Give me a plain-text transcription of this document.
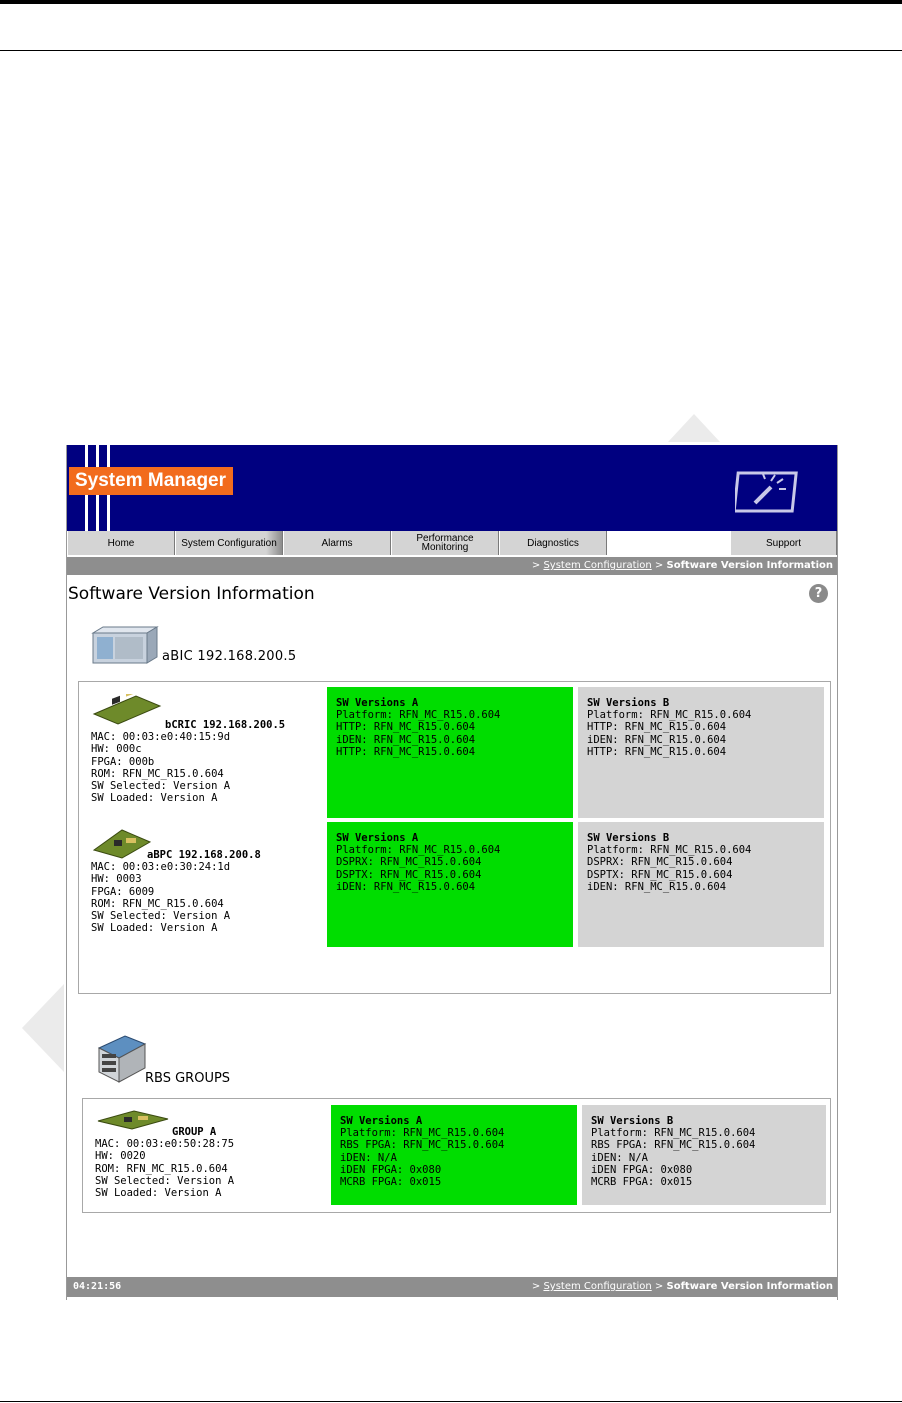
System Manager
Home	System Configuration	Alarms	Performance Monitoring	Diagnostics	Support
> System Configuration > Software Version Information
Software Version Information	?
aBIC 192.168.200.5
bCRIC 192.168.200.5
MAC: 00:03:e0:40:15:9d
HW: 000c
FPGA: 000b
ROM: RFN_MC_R15.0.604
SW Selected: Version A
SW Loaded: Version A
SW Versions A
Platform: RFN_MC_R15.0.604
HTTP: RFN_MC_R15.0.604
iDEN: RFN_MC_R15.0.604
HTTP: RFN_MC_R15.0.604
SW Versions B
Platform: RFN_MC_R15.0.604
HTTP: RFN_MC_R15.0.604
iDEN: RFN_MC_R15.0.604
HTTP: RFN_MC_R15.0.604
aBPC 192.168.200.8
MAC: 00:03:e0:30:24:1d
HW: 0003
FPGA: 6009
ROM: RFN_MC_R15.0.604
SW Selected: Version A
SW Loaded: Version A
SW Versions A
Platform: RFN_MC_R15.0.604
DSPRX: RFN_MC_R15.0.604
DSPTX: RFN_MC_R15.0.604
iDEN: RFN_MC_R15.0.604
SW Versions B
Platform: RFN_MC_R15.0.604
DSPRX: RFN_MC_R15.0.604
DSPTX: RFN_MC_R15.0.604
iDEN: RFN_MC_R15.0.604
RBS GROUPS
GROUP A
MAC: 00:03:e0:50:28:75
HW: 0020
ROM: RFN_MC_R15.0.604
SW Selected: Version A
SW Loaded: Version A
SW Versions A
Platform: RFN_MC_R15.0.604
RBS FPGA: RFN_MC_R15.0.604
iDEN: N/A
iDEN FPGA: 0x080
MCRB FPGA: 0x015
SW Versions B
Platform: RFN_MC_R15.0.604
RBS FPGA: RFN_MC_R15.0.604
iDEN: N/A
iDEN FPGA: 0x080
MCRB FPGA: 0x015
04:21:56	> System Configuration > Software Version Information
